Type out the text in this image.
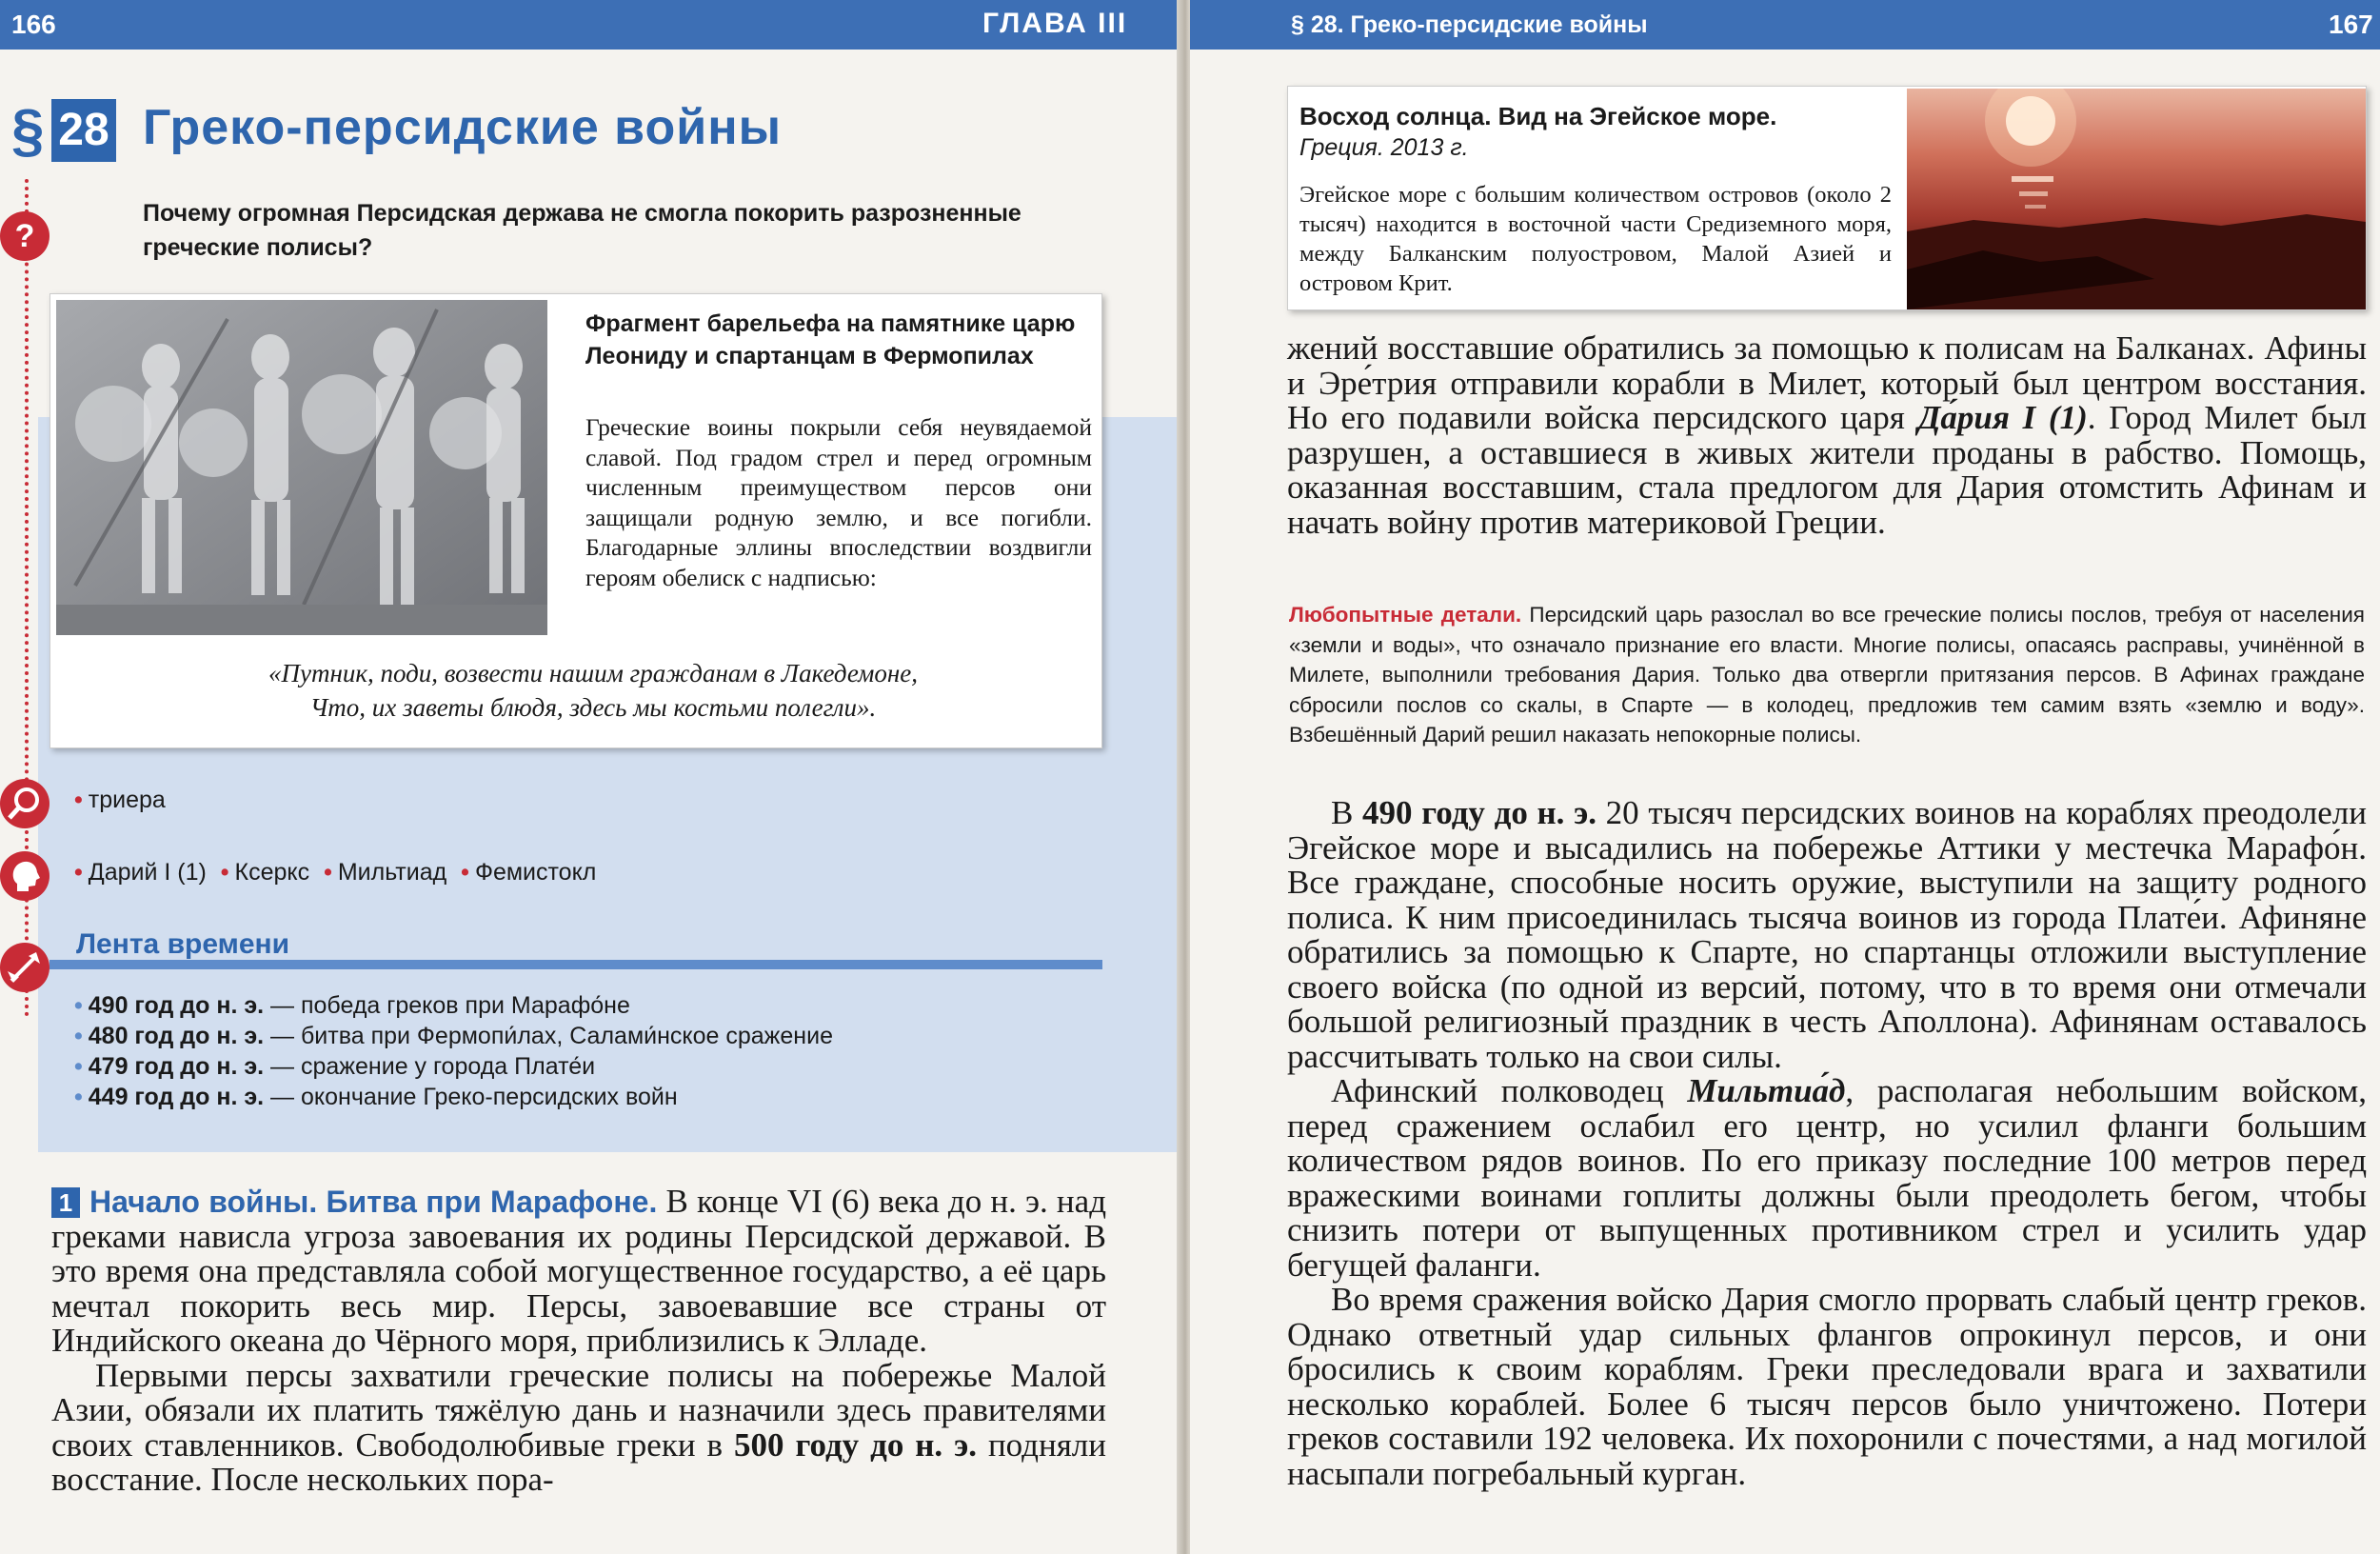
166	ГЛАВА III
§ 28 Греко-персидские войны
?
Почему огромная Персидская держава не смогла покорить разрозненные греческие полисы?
Фрагмент барельефа на памятнике царю Леониду и спартанцам в Фермопилах
Греческие воины покрыли себя неувядаемой славой. Под градом стрел и перед огромным численным преимуществом персов они защищали родную землю, и все погибли. Благодарные эллины впоследствии воздвигли героям обелиск с надписью:
«Путник, поди, возвести нашим гражданам в Лакедемоне,
Что, их заветы блюдя, здесь мы костьми полегли».
• триера
• Дарий I (1) • Ксеркс • Мильтиад • Фемистокл
Лента времени
• 490 год до н. э. — победа греков при Марафо́не
• 480 год до н. э. — битва при Фермопи́лах, Салами́нское сражение
• 479 год до н. э. — сражение у города Плате́и
• 449 год до н. э. — окончание Греко-персидских войн

1 Начало войны. Битва при Марафоне. В конце VI (6) века до н. э. над греками нависла угроза завоевания их родины Персидской державой. В это время она представляла собой могущественное государство, а её царь мечтал покорить весь мир. Персы, завоевавшие все страны от Индийского океана до Чёрного моря, приблизились к Элладе.

Первыми персы захватили греческие полисы на побережье Малой Азии, обязали их платить тяжёлую дань и назначили здесь правителями своих ставленников. Свободолюбивые греки в 500 году до н. э. подняли восстание. После нескольких пора-

§ 28. Греко-персидские войны	167
Восход солнца. Вид на Эгейское море.
Греция. 2013 г.
Эгейское море с большим количеством островов (около 2 тысяч) находится в восточной части Средиземного моря, между Балканским полуостровом, Малой Азией и островом Крит.

жений восставшие обратились за помощью к полисам на Балканах. Афины и Эре́трия отправили корабли в Милет, который был центром восстания. Но его подавили войска персидского царя Да́рия I (1). Город Милет был разрушен, а оставшиеся в живых жители проданы в рабство. Помощь, оказанная восставшим, стала предлогом для Дария отомстить Афинам и начать войну против материковой Греции.

Любопытные детали. Персидский царь разослал во все греческие полисы послов, требуя от населения «земли и воды», что означало признание его власти. Многие полисы, опасаясь расправы, учинённой в Милете, выполнили требования Дария. Только два отвергли притязания персов. В Афинах граждане сбросили послов со скалы, в Спарте — в колодец, предложив тем самим взять «землю и воду». Взбешённый Дарий решил наказать непокорные полисы.

В 490 году до н. э. 20 тысяч персидских воинов на кораблях преодолели Эгейское море и высадились на побережье Аттики у местечка Марафо́н. Все граждане, способные носить оружие, выступили на защиту родного полиса. К ним присоединилась тысяча воинов из города Плате́и. Афиняне обратились за помощью к Спарте, но спартанцы отложили выступление своего войска (по одной из версий, потому, что в то время они отмечали большой религиозный праздник в честь Аполлона). Афинянам оставалось рассчитывать только на свои силы.

Афинский полководец Мильтиа́д, располагая небольшим войском, перед сражением ослабил его центр, но усилил фланги большим количеством рядов воинов. По его приказу последние 100 метров перед вражескими воинами гоплиты должны были преодолеть бегом, чтобы снизить потери от выпущенных противником стрел и усилить удар бегущей фаланги.

Во время сражения войско Дария смогло прорвать слабый центр греков. Однако ответный удар сильных флангов опрокинул персов, и они бросились к своим кораблям. Греки преследовали врага и захватили несколько кораблей. Более 6 тысяч персов было уничтожено. Потери греков составили 192 человека. Их похоронили с почестями, а над могилой насыпали погребальный курган.
